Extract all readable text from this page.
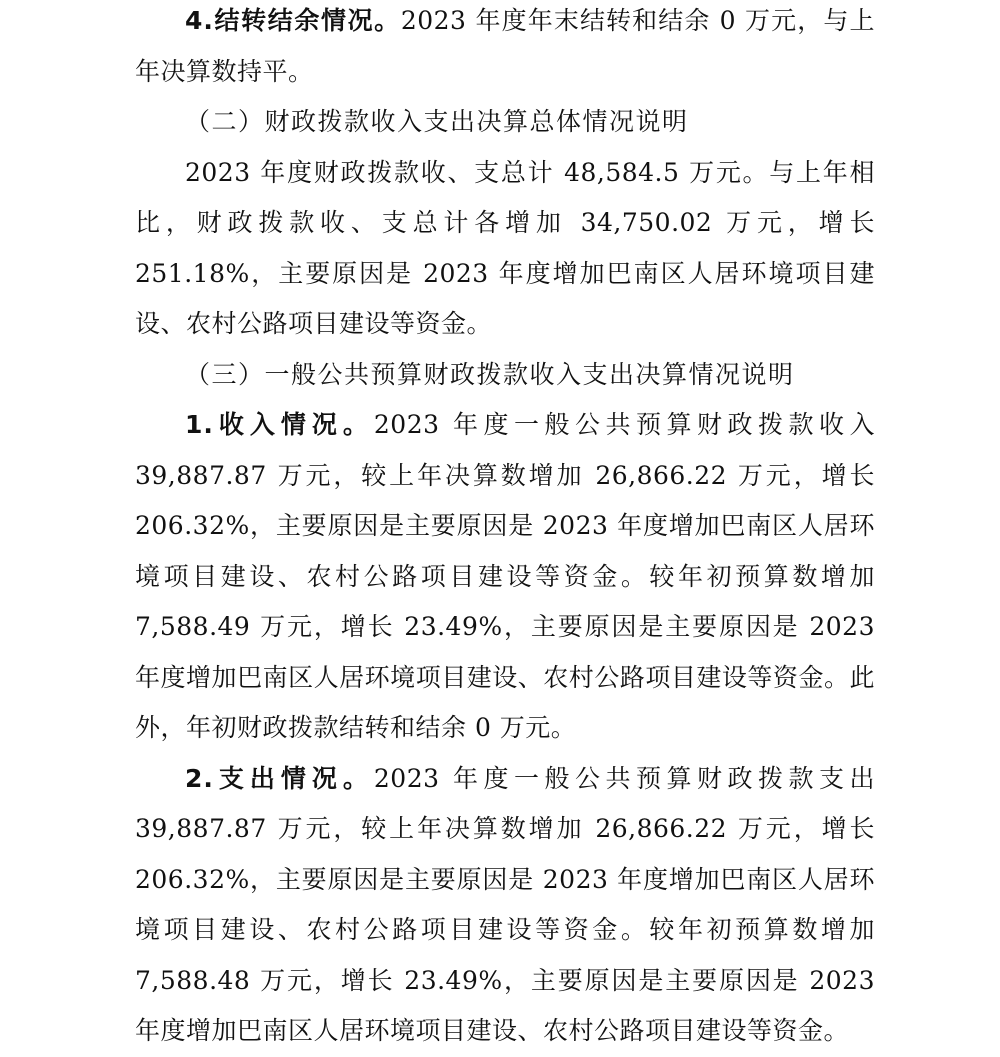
4.结转结余情况。2023 年度年末结转和结余 0 万元，与上年决算数持平。

（二）财政拨款收入支出决算总体情况说明

2023 年度财政拨款收、支总计 48,584.5 万元。与上年相比，财政拨款收、支总计各增加 34,750.02 万元，增长 251.18%，主要原因是 2023 年度增加巴南区人居环境项目建设、农村公路项目建设等资金。

（三）一般公共预算财政拨款收入支出决算情况说明

1.收入情况。2023 年度一般公共预算财政拨款收入 39,887.87 万元，较上年决算数增加 26,866.22 万元，增长 206.32%，主要原因是主要原因是 2023 年度增加巴南区人居环境项目建设、农村公路项目建设等资金。较年初预算数增加 7,588.49 万元，增长 23.49%，主要原因是主要原因是 2023 年度增加巴南区人居环境项目建设、农村公路项目建设等资金。此外，年初财政拨款结转和结余 0 万元。

2.支出情况。2023 年度一般公共预算财政拨款支出 39,887.87 万元，较上年决算数增加 26,866.22 万元，增长 206.32%，主要原因是主要原因是 2023 年度增加巴南区人居环境项目建设、农村公路项目建设等资金。较年初预算数增加 7,588.48 万元，增长 23.49%，主要原因是主要原因是 2023 年度增加巴南区人居环境项目建设、农村公路项目建设等资金。
